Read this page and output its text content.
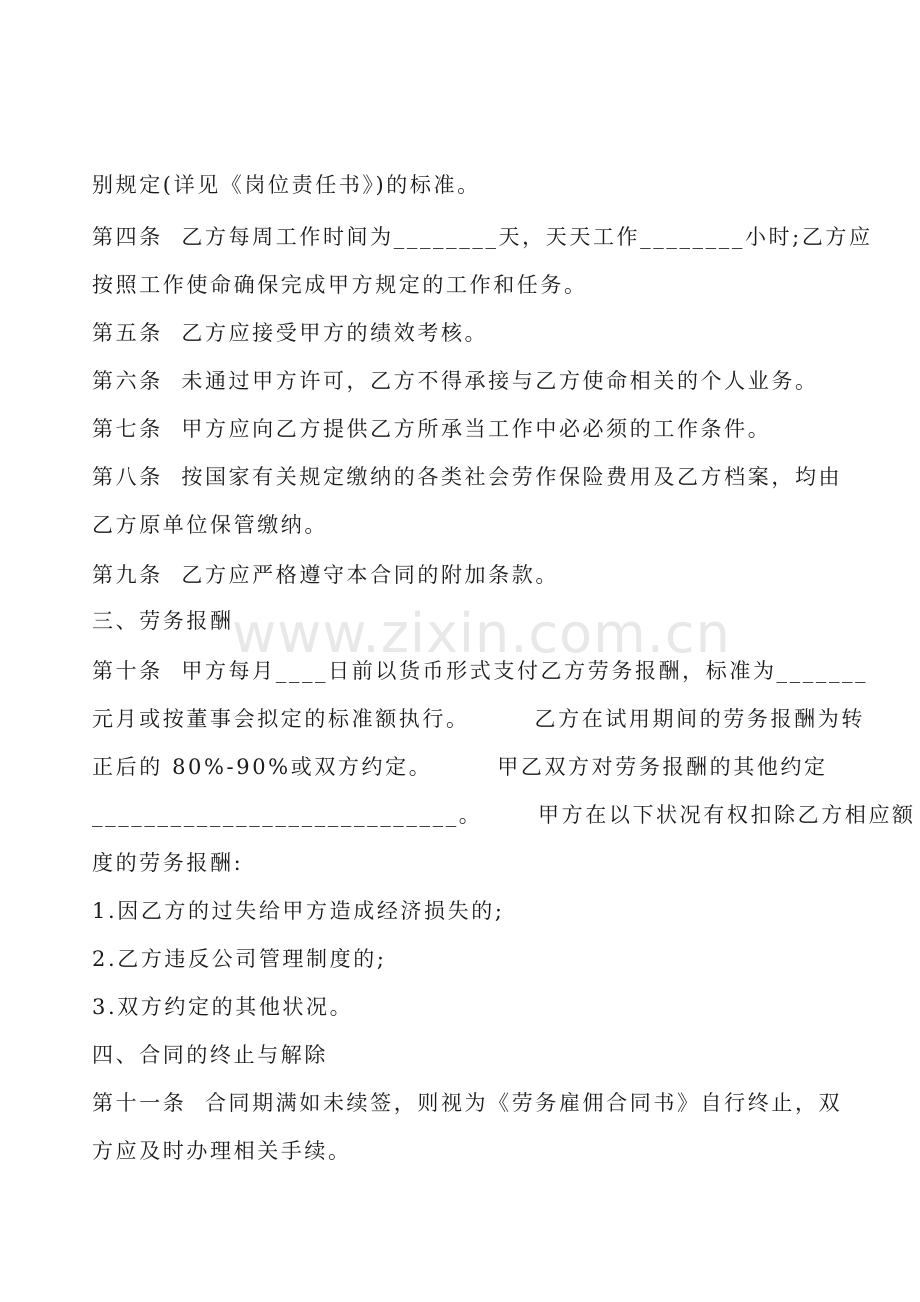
别规定(详见《岗位责任书》)的标准。
第四条  乙方每周工作时间为________天，天天工作________小时;乙方应
按照工作使命确保完成甲方规定的工作和任务。
第五条  乙方应接受甲方的绩效考核。
第六条  未通过甲方许可，乙方不得承接与乙方使命相关的个人业务。
第七条  甲方应向乙方提供乙方所承当工作中必必须的工作条件。
第八条  按国家有关规定缴纳的各类社会劳作保险费用及乙方档案，均由
乙方原单位保管缴纳。
第九条  乙方应严格遵守本合同的附加条款。
三、劳务报酬
第十条  甲方每月____日前以货币形式支付乙方劳务报酬，标准为_______
元月或按董事会拟定的标准额执行。       乙方在试用期间的劳务报酬为转
正后的 80%-90%或双方约定。       甲乙双方对劳务报酬的其他约定
____________________________。      甲方在以下状况有权扣除乙方相应额
度的劳务报酬:
1.因乙方的过失给甲方造成经济损失的;
2.乙方违反公司管理制度的;
3.双方约定的其他状况。
四、合同的终止与解除
第十一条  合同期满如未续签，则视为《劳务雇佣合同书》自行终止，双
方应及时办理相关手续。
www.zixin.com.cn
